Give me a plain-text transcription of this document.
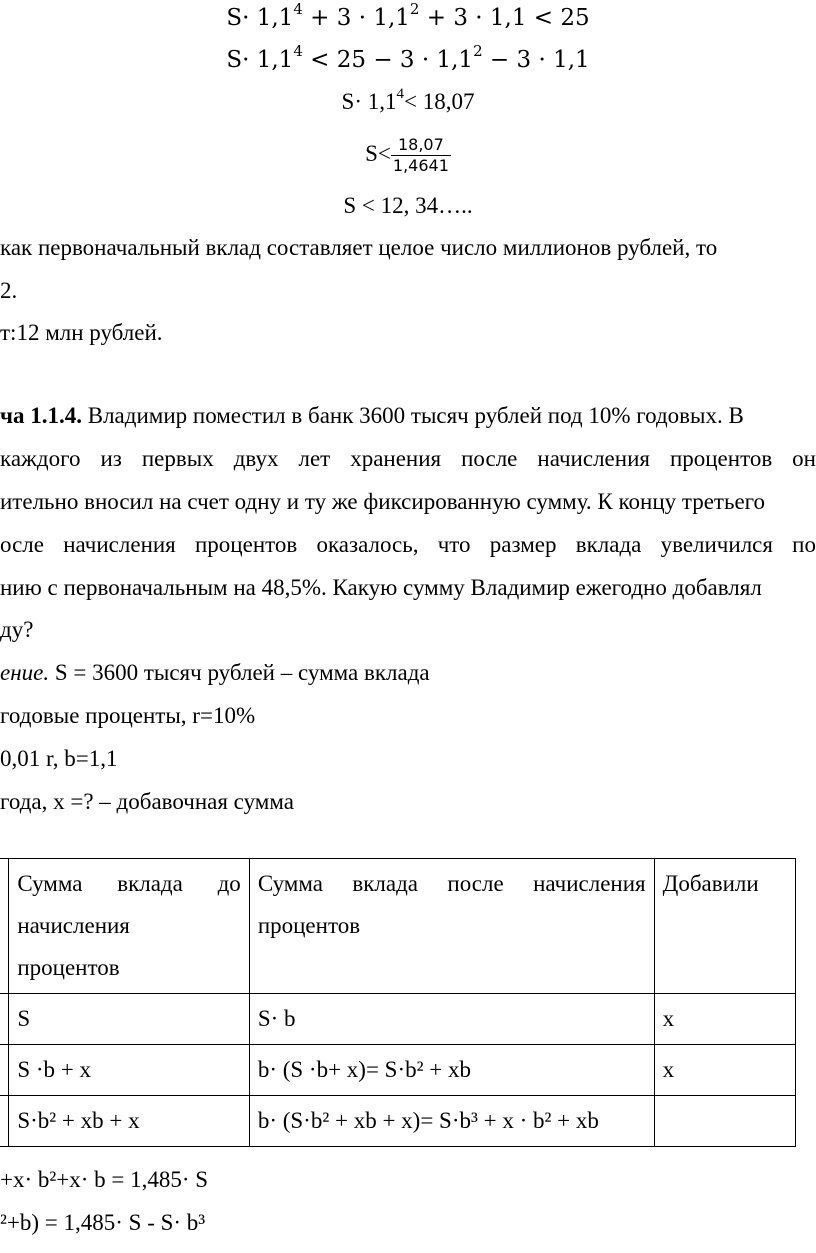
$S\cdot 1,1^4 + 3 \cdot 1,1^2 + 3 \cdot 1,1 < 25$
$S\cdot 1,1^4 < 25 - 3 \cdot 1,1^2 - 3 \cdot 1,1$
$S\cdot 1,1^4< 18,07$
$S< \frac{18,07}{1,4641}$
S < 12, 34…..
как первоначальный вклад составляет целое число миллионов рублей, то
2.
т:12 млн рублей.
ча 1.1.4. Владимир поместил в банк 3600 тысяч рублей под 10% годовых. В
каждого из первых двух лет хранения после начисления процентов он
ительно вносил на счет одну и ту же фиксированную сумму. К концу третьего
осле начисления процентов оказалось, что размер вклада увеличился по
нию с первоначальным на 48,5%. Какую сумму Владимир ежегодно добавлял
ду?
ение. S = 3600 тысяч рублей – сумма вклада
годовые проценты, r=10%
0,01 r, b=1,1
года, x =? – добавочная сумма

	Сумма вклада до
начисления
процентов	Сумма вклада после начисления
процентов	Добавили
	S	S· b	x
	S ·b + x	b· (S ·b+ x)= S·b² + xb	x
	S·b² + xb + x	b· (S·b² + xb + x)= S·b³ + x · b² + xb	
+x· b²+x· b = 1,485· S
²+b) = 1,485· S - S· b³
